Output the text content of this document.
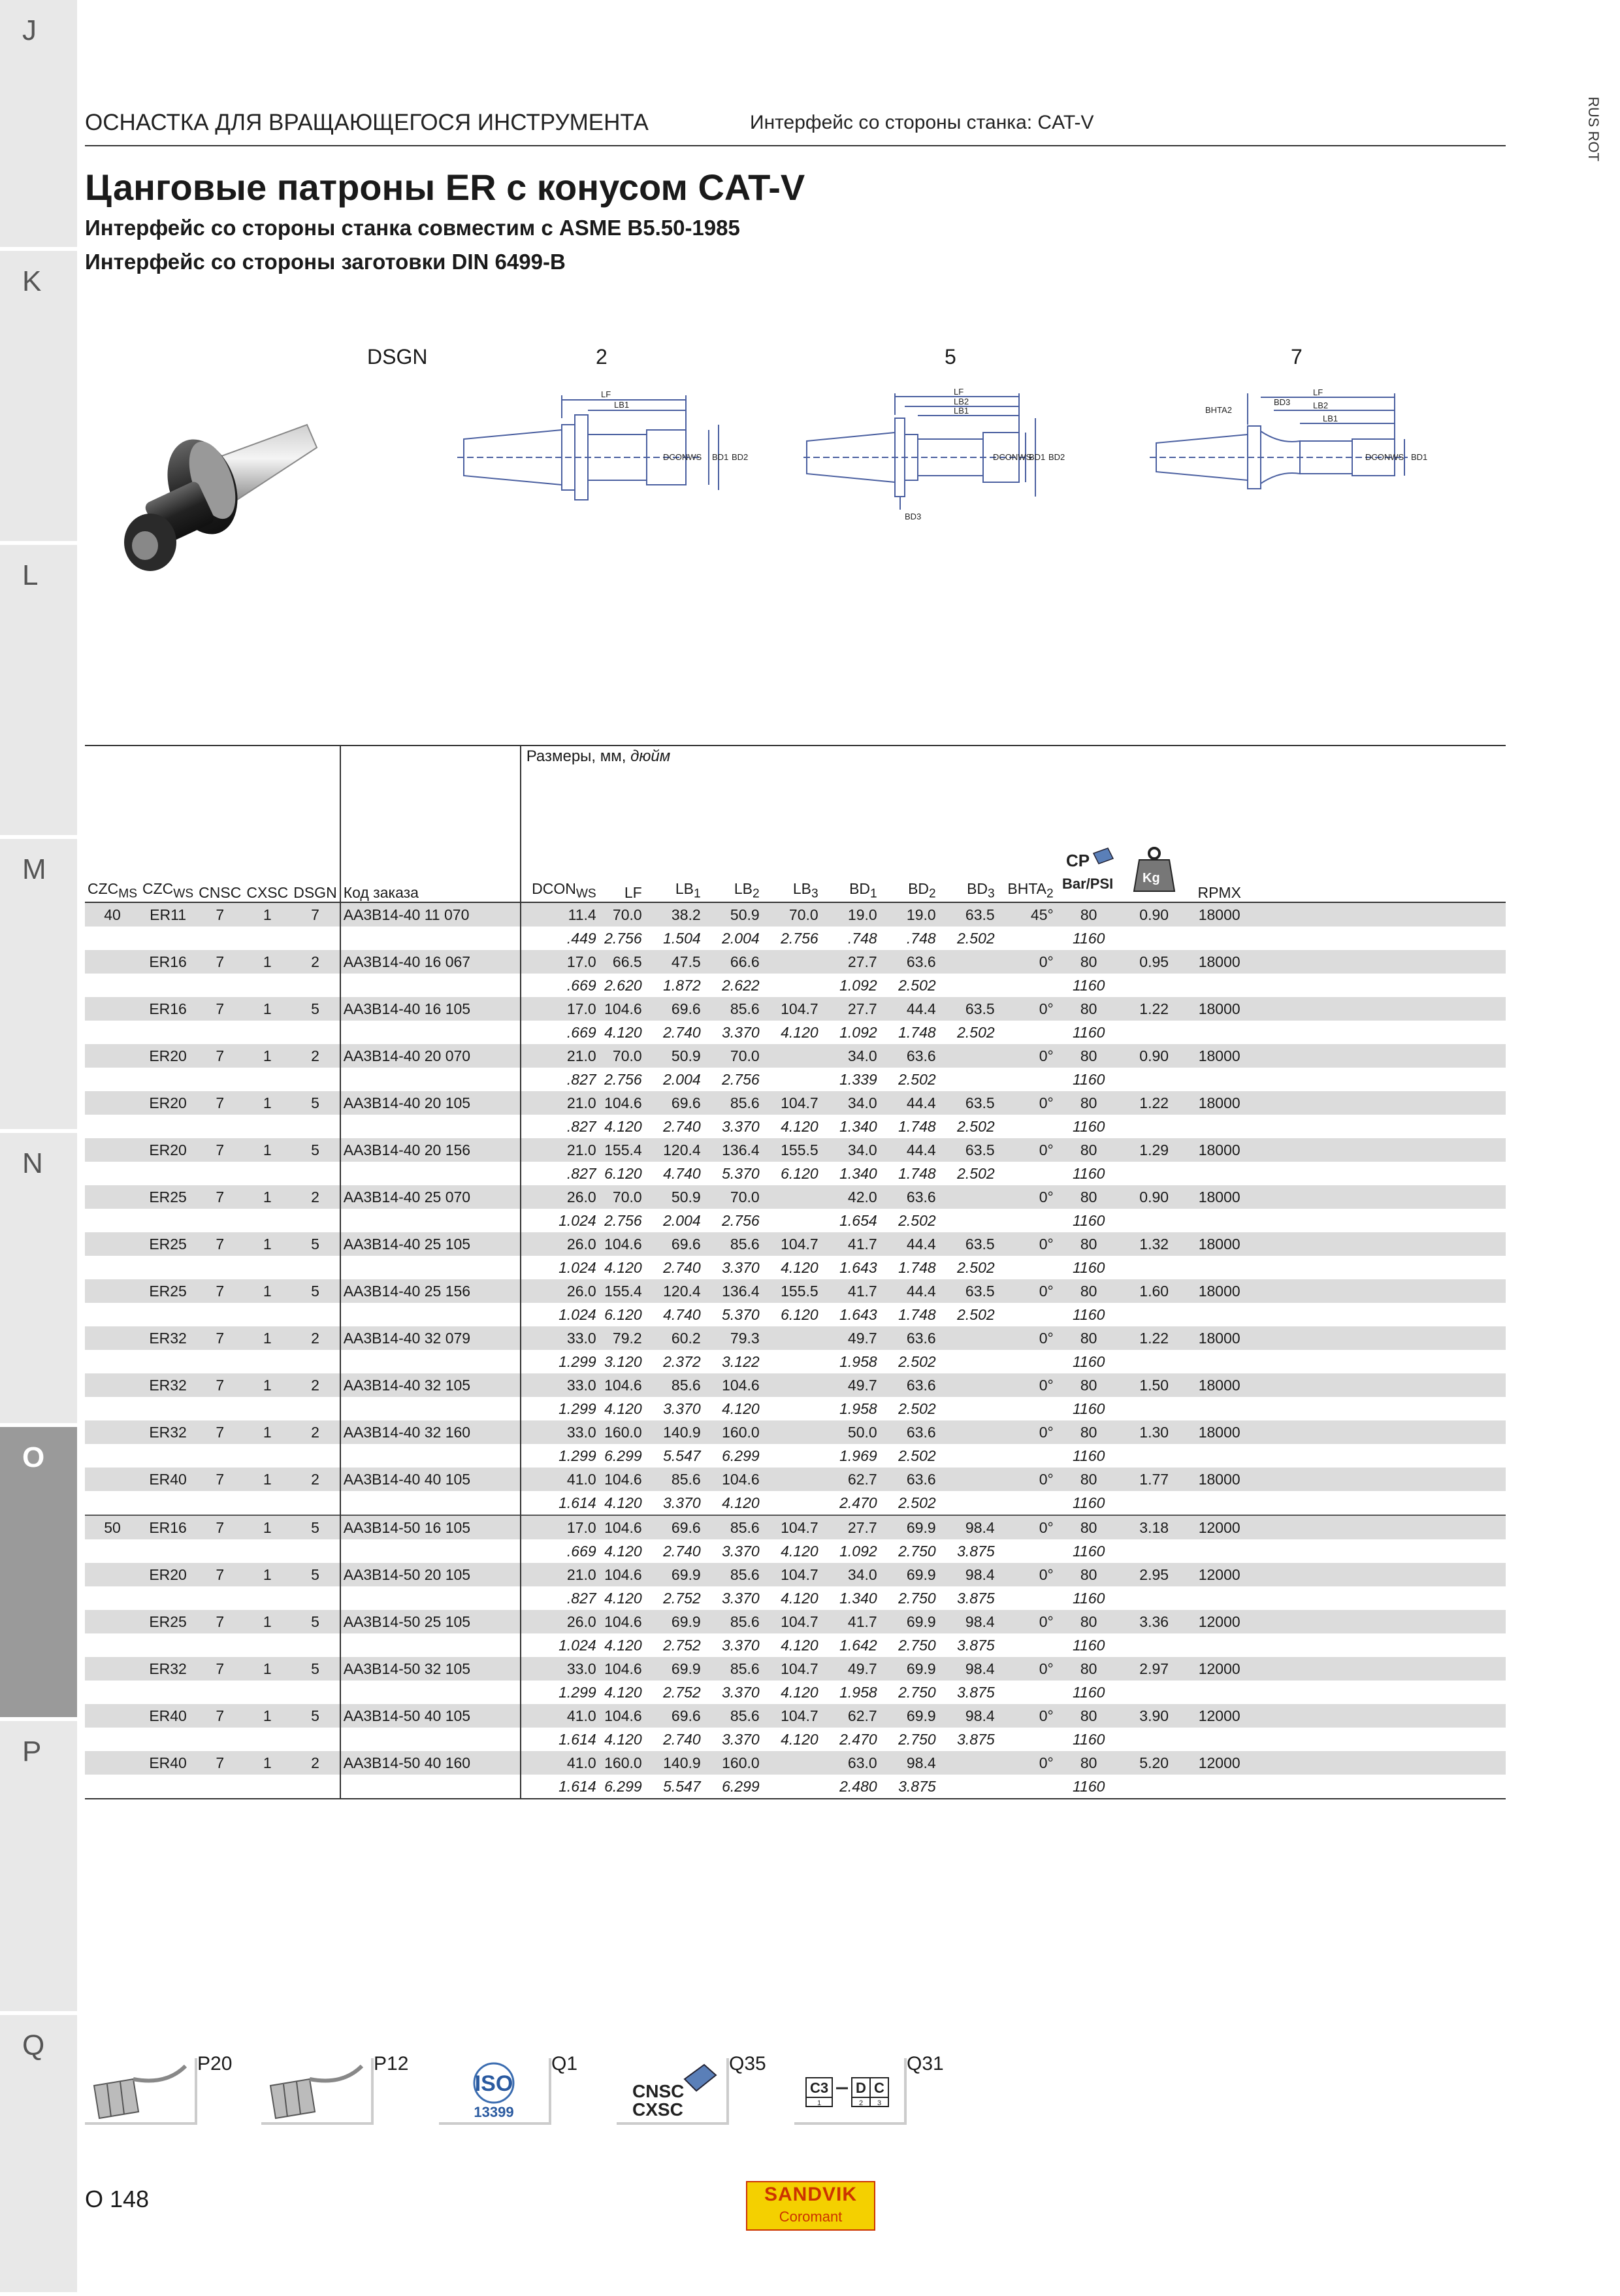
J
K
L
M
N
O
P
Q
RUS ROT
ОСНАСТКА ДЛЯ ВРАЩАЮЩЕГОСЯ ИНСТРУМЕНТА	Интерфейс со стороны станка: CAT-V
Цанговые патроны ER с конусом CAT-V
Интерфейс со стороны станка совместим с ASME B5.50-1985
Интерфейс со стороны заготовки DIN 6499-B
DSGN	2	5	7
LF
LB1
DCONWS BD1 BD2
LF
LB2
LB1
DCONWS
BD1 BD2
BD3
LF
BD3
BHTA2	LB2
LB1
DCONWS BD1
						Размеры, мм, дюйм												
$CZC_{MS}$	$CZC_{WS}$	CNSC	CXSC	DSGN	Код заказа	$DCON_{WS}$	LF	$LB_1$	$LB_2$	$LB_3$	$BD_1$	$BD_2$	$BD_3$	$BHTA_2$	CP
Bar/PSI	Kg	RPMX	
40	ER11	7	1	7	AA3B14-40 11 070	11.4	70.0	38.2	50.9	70.0	19.0	19.0	63.5	45°	80	0.90	18000	
						.449	2.756	1.504	2.004	2.756	.748	.748	2.502		1160			
	ER16	7	1	2	AA3B14-40 16 067	17.0	66.5	47.5	66.6		27.7	63.6		0°	80	0.95	18000	
						.669	2.620	1.872	2.622		1.092	2.502			1160			
	ER16	7	1	5	AA3B14-40 16 105	17.0	104.6	69.6	85.6	104.7	27.7	44.4	63.5	0°	80	1.22	18000	
						.669	4.120	2.740	3.370	4.120	1.092	1.748	2.502		1160			
	ER20	7	1	2	AA3B14-40 20 070	21.0	70.0	50.9	70.0		34.0	63.6		0°	80	0.90	18000	
						.827	2.756	2.004	2.756		1.339	2.502			1160			
	ER20	7	1	5	AA3B14-40 20 105	21.0	104.6	69.6	85.6	104.7	34.0	44.4	63.5	0°	80	1.22	18000	
						.827	4.120	2.740	3.370	4.120	1.340	1.748	2.502		1160			
	ER20	7	1	5	AA3B14-40 20 156	21.0	155.4	120.4	136.4	155.5	34.0	44.4	63.5	0°	80	1.29	18000	
						.827	6.120	4.740	5.370	6.120	1.340	1.748	2.502		1160			
	ER25	7	1	2	AA3B14-40 25 070	26.0	70.0	50.9	70.0		42.0	63.6		0°	80	0.90	18000	
						1.024	2.756	2.004	2.756		1.654	2.502			1160			
	ER25	7	1	5	AA3B14-40 25 105	26.0	104.6	69.6	85.6	104.7	41.7	44.4	63.5	0°	80	1.32	18000	
						1.024	4.120	2.740	3.370	4.120	1.643	1.748	2.502		1160			
	ER25	7	1	5	AA3B14-40 25 156	26.0	155.4	120.4	136.4	155.5	41.7	44.4	63.5	0°	80	1.60	18000	
						1.024	6.120	4.740	5.370	6.120	1.643	1.748	2.502		1160			
	ER32	7	1	2	AA3B14-40 32 079	33.0	79.2	60.2	79.3		49.7	63.6		0°	80	1.22	18000	
						1.299	3.120	2.372	3.122		1.958	2.502			1160			
	ER32	7	1	2	AA3B14-40 32 105	33.0	104.6	85.6	104.6		49.7	63.6		0°	80	1.50	18000	
						1.299	4.120	3.370	4.120		1.958	2.502			1160			
	ER32	7	1	2	AA3B14-40 32 160	33.0	160.0	140.9	160.0		50.0	63.6		0°	80	1.30	18000	
						1.299	6.299	5.547	6.299		1.969	2.502			1160			
	ER40	7	1	2	AA3B14-40 40 105	41.0	104.6	85.6	104.6		62.7	63.6		0°	80	1.77	18000	
						1.614	4.120	3.370	4.120		2.470	2.502			1160			
50	ER16	7	1	5	AA3B14-50 16 105	17.0	104.6	69.6	85.6	104.7	27.7	69.9	98.4	0°	80	3.18	12000	
						.669	4.120	2.740	3.370	4.120	1.092	2.750	3.875		1160			
	ER20	7	1	5	AA3B14-50 20 105	21.0	104.6	69.9	85.6	104.7	34.0	69.9	98.4	0°	80	2.95	12000	
						.827	4.120	2.752	3.370	4.120	1.340	2.750	3.875		1160			
	ER25	7	1	5	AA3B14-50 25 105	26.0	104.6	69.9	85.6	104.7	41.7	69.9	98.4	0°	80	3.36	12000	
						1.024	4.120	2.752	3.370	4.120	1.642	2.750	3.875		1160			
	ER32	7	1	5	AA3B14-50 32 105	33.0	104.6	69.9	85.6	104.7	49.7	69.9	98.4	0°	80	2.97	12000	
						1.299	4.120	2.752	3.370	4.120	1.958	2.750	3.875		1160			
	ER40	7	1	5	AA3B14-50 40 105	41.0	104.6	69.6	85.6	104.7	62.7	69.9	98.4	0°	80	3.90	12000	
						1.614	4.120	2.740	3.370	4.120	2.470	2.750	3.875		1160			
	ER40	7	1	2	AA3B14-50 40 160	41.0	160.0	140.9	160.0		63.0	98.4		0°	80	5.20	12000	
						1.614	6.299	5.547	6.299		2.480	3.875			1160			
P20	P12
ISO
13399
Q1
CNSC
CXSC
Q35
C3 D C
1	2 3
Q31
O 148	SANDVIK
Coromant
